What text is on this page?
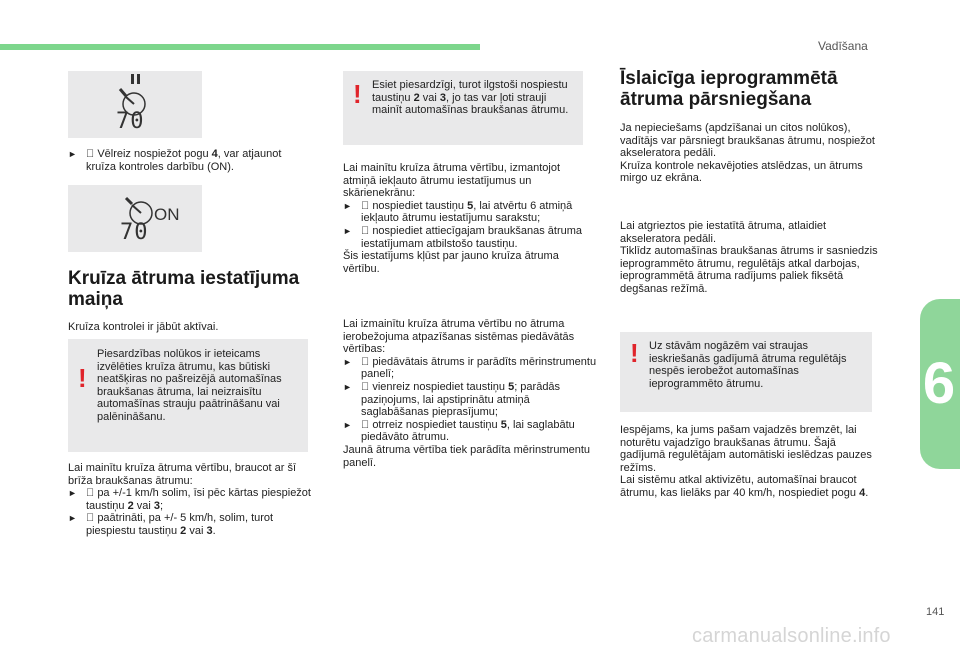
Vadīšana
70

► Vēlreiz nospiežot pogu 4, var atjaunot kruīza kontroles darbību (ON).
ON
70
Kruīza ātruma iestatījuma maiņa
Kruīza kontrolei ir jābūt aktīvai.
!
Piesardzības nolūkos ir ieteicams izvēlēties kruīza ātrumu, kas būtiski neatšķiras no pašreizējā automašīnas braukšanas ātruma, lai neizraisītu automašīnas strauju paātrināšanu vai palēnināšanu.

Lai mainītu kruīza ātruma vērtību, braucot ar šī brīža braukšanas ātrumu:

► pa +/-1 km/h solim, īsi pēc kārtas piespiežot taustiņu 2 vai 3;

► paātrināti, pa +/- 5 km/h, solim, turot piespiestu taustiņu 2 vai 3.
! Esiet piesardzīgi, turot ilgstoši nospiestu taustiņu 2 vai 3, jo tas var ļoti strauji mainīt automašīnas braukšanas ātrumu.

Lai mainītu kruīza ātruma vērtību, izmantojot atmiņā iekļauto ātrumu iestatījumus un skārienekrānu:

► nospiediet taustiņu 5, lai atvērtu 6 atmiņā iekļauto ātrumu iestatījumu sarakstu;

► nospiediet attiecīgajam braukšanas ātruma iestatījumam atbilstošo taustiņu.

Šis iestatījums kļūst par jauno kruīza ātruma vērtību.

Lai izmainītu kruīza ātruma vērtību no ātruma ierobežojuma atpazīšanas sistēmas piedāvātās vērtības:

► piedāvātais ātrums ir parādīts mērinstrumentu panelī;

► vienreiz nospiediet taustiņu 5; parādās paziņojums, lai apstiprinātu atmiņā saglabāšanas pieprasījumu;

► otrreiz nospiediet taustiņu 5, lai saglabātu piedāvāto ātrumu.

Jaunā ātruma vērtība tiek parādīta mērinstrumentu panelī.

Īslaicīga ieprogrammētā ātruma pārsniegšana

Ja nepieciešams (apdzīšanai un citos nolūkos), vadītājs var pārsniegt braukšanas ātrumu, nospiežot akseleratora pedāli.

Kruīza kontrole nekavējoties atslēdzas, un ātrums mirgo uz ekrāna.

Lai atgrieztos pie iestatītā ātruma, atlaidiet akseleratora pedāli.

Tiklīdz automašīnas braukšanas ātrums ir sasniedzis ieprogrammēto ātrumu, regulētājs atkal darbojas, ieprogrammētā ātruma radījums paliek fiksētā degšanas režīmā.

! Uz stāvām nogāzēm vai straujas ieskriešanās gadījumā ātruma regulētājs nespēs ierobežot automašīnas ieprogrammēto ātrumu.

Iespējams, ka jums pašam vajadzēs bremzēt, lai noturētu vajadzīgo braukšanas ātrumu. Šajā gadījumā regulētājam automātiski ieslēdzas pauzes režīms.

Lai sistēmu atkal aktivizētu, automašīnai braucot ātrumu, kas lielāks par 40 km/h, nospiediet pogu 4.

6
141
carmanualsonline.info
